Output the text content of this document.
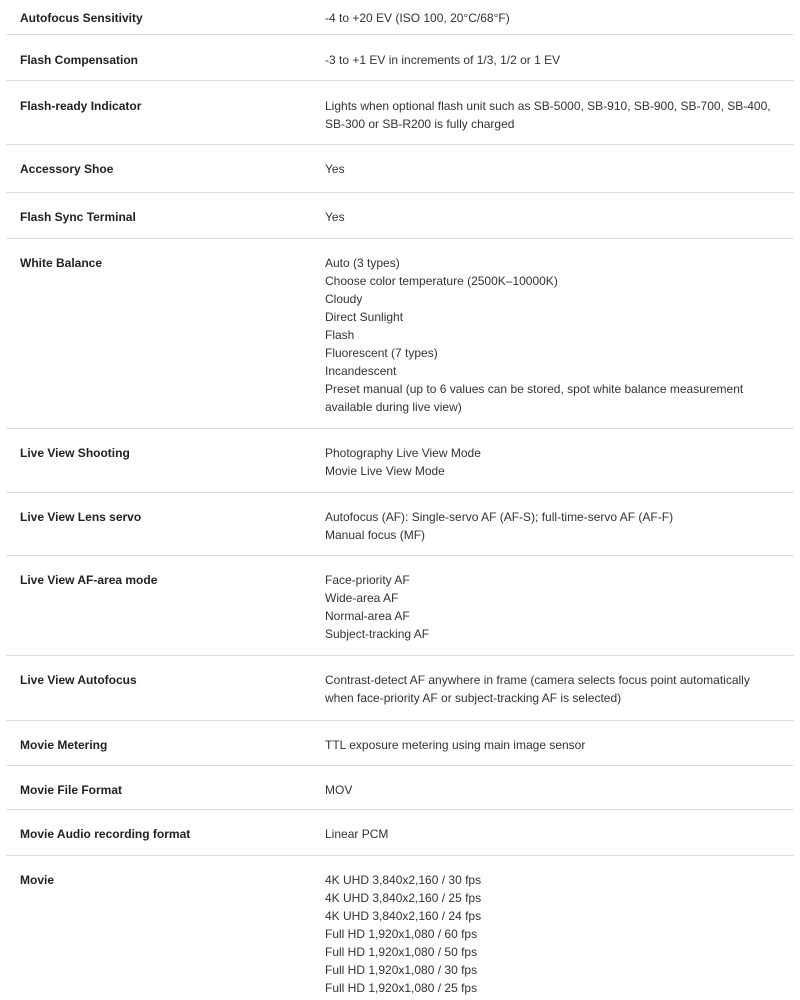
Autofocus Sensitivity	-4 to +20 EV (ISO 100, 20°C/68°F)
Flash Compensation	-3 to +1 EV in increments of 1/3, 1/2 or 1 EV
Flash-ready Indicator	Lights when optional flash unit such as SB-5000, SB-910, SB-900, SB-700, SB-400, SB-300 or SB-R200 is fully charged
Accessory Shoe	Yes
Flash Sync Terminal	Yes
White Balance	Auto (3 types)
Choose color temperature (2500K–10000K)
Cloudy
Direct Sunlight
Flash
Fluorescent (7 types)
Incandescent
Preset manual (up to 6 values can be stored, spot white balance measurement available during live view)
Live View Shooting	Photography Live View Mode
Movie Live View Mode
Live View Lens servo	Autofocus (AF): Single-servo AF (AF-S); full-time-servo AF (AF-F)
Manual focus (MF)
Live View AF-area mode	Face-priority AF
Wide-area AF
Normal-area AF
Subject-tracking AF
Live View Autofocus	Contrast-detect AF anywhere in frame (camera selects focus point automatically when face-priority AF or subject-tracking AF is selected)
Movie Metering	TTL exposure metering using main image sensor
Movie File Format	MOV
Movie Audio recording format	Linear PCM
Movie	4K UHD 3,840x2,160 / 30 fps
4K UHD 3,840x2,160 / 25 fps
4K UHD 3,840x2,160 / 24 fps
Full HD 1,920x1,080 / 60 fps
Full HD 1,920x1,080 / 50 fps
Full HD 1,920x1,080 / 30 fps
Full HD 1,920x1,080 / 25 fps
